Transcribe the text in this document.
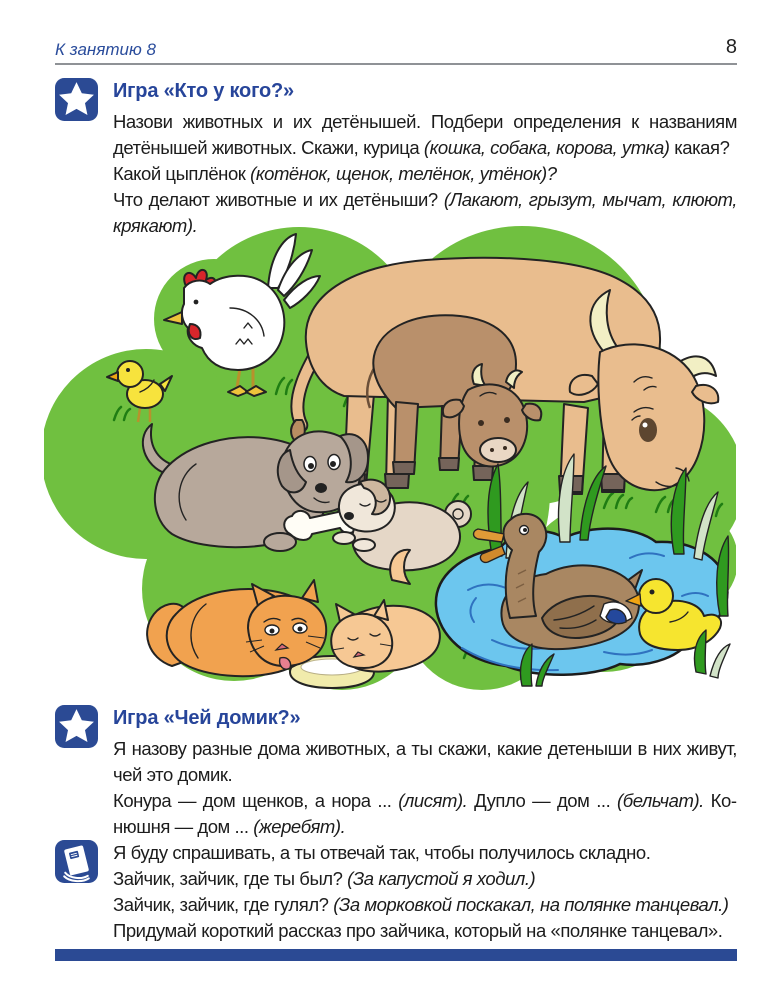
К занятию 8	8
Игра «Кто у кого?»

Назови животных и их детёнышей. Подбери определения к названиям детёнышей животных. Скажи, курица (кошка, собака, корова, утка) какая?

Какой цыплёнок (котёнок, щенок, телёнок, утёнок)?

Что делают животные и их детёныши? (Лакают, грызут, мычат, клюют, крякают).

Игра «Чей домик?»

Я назову разные дома животных, а ты скажи, какие детеныши в них живут, чей это домик.

Конура — дом щенков, а нора ... (лисят). Дупло — дом ... (бельчат). Конюшня — дом ... (жеребят).

Я буду спрашивать, а ты отвечай так, чтобы получилось складно.

Зайчик, зайчик, где ты был? (За капустой я ходил.)

Зайчик, зайчик, где гулял? (За морковкой поскакал, на полянке танцевал.)

Придумай короткий рассказ про зайчика, который на «полянке танцевал».
